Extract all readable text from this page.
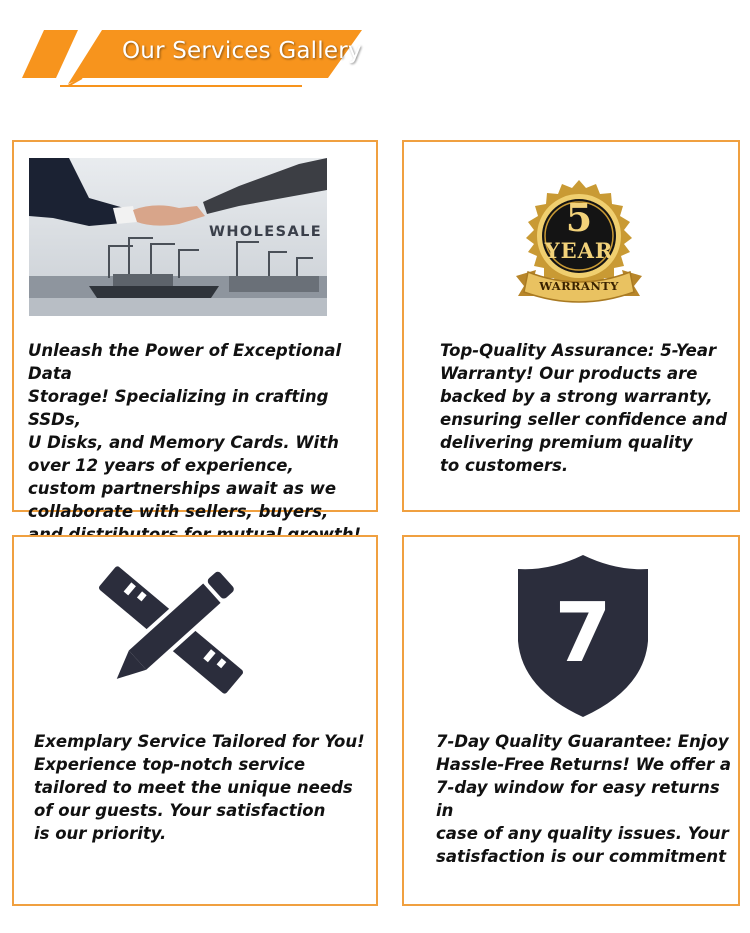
Our Services Gallery
WHOLESALE
Unleash the Power of Exceptional Data
Storage! Specializing in crafting SSDs,
U Disks, and Memory Cards. With
over 12 years of experience,
custom partnerships await as we
collaborate with sellers, buyers,

5
YEAR
WARRANTY
Top-Quality Assurance: 5-Year
Warranty! Our products are
backed by a strong warranty,
ensuring seller confidence and
delivering premium quality
to customers.
Exemplary Service Tailored for You!
Experience top-notch service
tailored to meet the unique needs
of our guests. Your satisfaction
is our priority.
7
7-Day Quality Guarantee: Enjoy
Hassle-Free Returns! We offer a
7-day window for easy returns in
case of any quality issues. Your
satisfaction is our commitment
